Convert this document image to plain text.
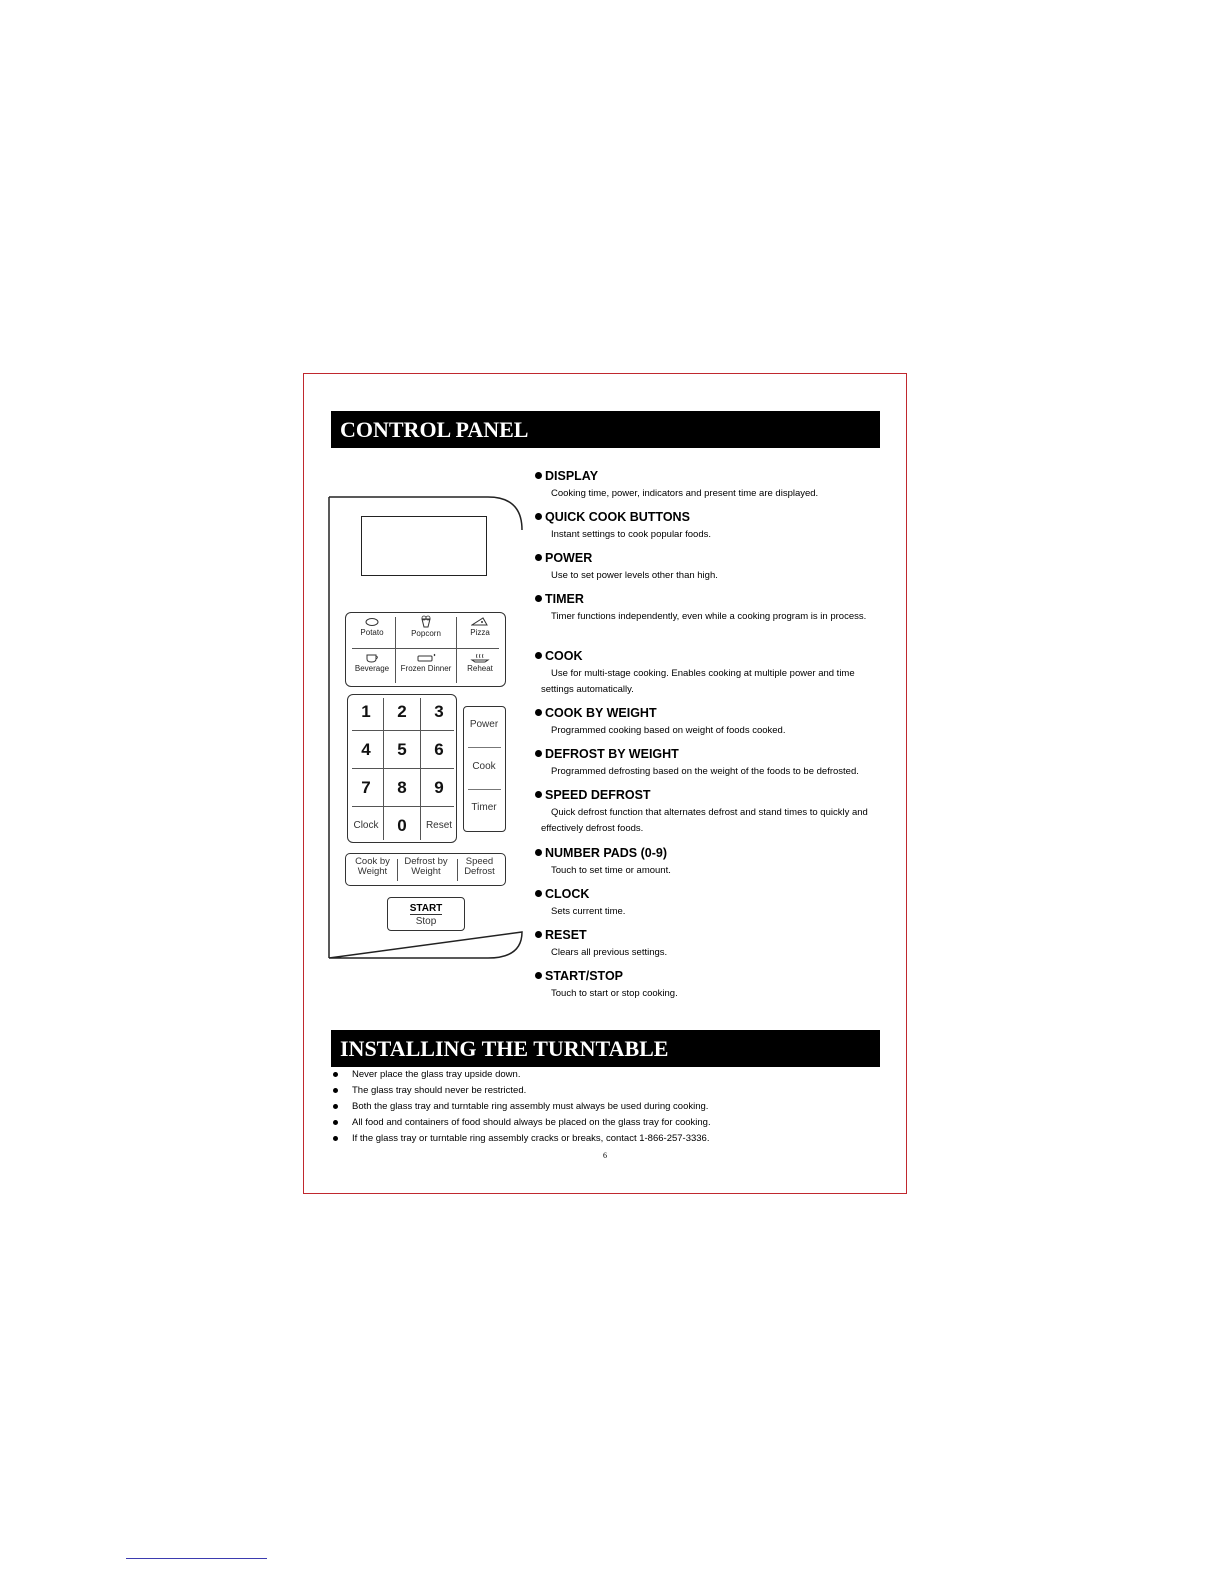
CONTROL PANEL
Potato	Popcorn	Pizza
Beverage	Frozen Dinner	Reheat
1	2	3
4	5	6
7	8	9
Clock	0	Reset
Power
Cook
Timer
Cook by
Weight
Defrost by
Weight
Speed
Defrost
START
Stop
DISPLAY
Cooking time, power, indicators and present time are displayed.
QUICK COOK BUTTONS
Instant settings to cook popular foods.
POWER
Use to set power levels other than high.
TIMER
Timer functions independently, even while a cooking program is in process.
COOK
Use for multi-stage cooking. Enables cooking at multiple power and time settings automatically.
COOK BY WEIGHT
Programmed cooking based on weight of foods cooked.
DEFROST BY WEIGHT
Programmed defrosting based on the weight of the foods to be defrosted.
SPEED DEFROST
Quick defrost function that alternates defrost and stand times to quickly and effectively defrost foods.
NUMBER PADS (0-9)
Touch to set time or amount.
CLOCK
Sets current time.
RESET
Clears all previous settings.
START/STOP
Touch to start or stop cooking.
INSTALLING THE TURNTABLE
Never place the glass tray upside down.
The glass tray should never be restricted.
Both the glass tray and turntable ring assembly must always be used during cooking.
All food and containers of food should always be placed on the glass tray for cooking.
If the glass tray or turntable ring assembly cracks or breaks, contact 1-866-257-3336.
6
